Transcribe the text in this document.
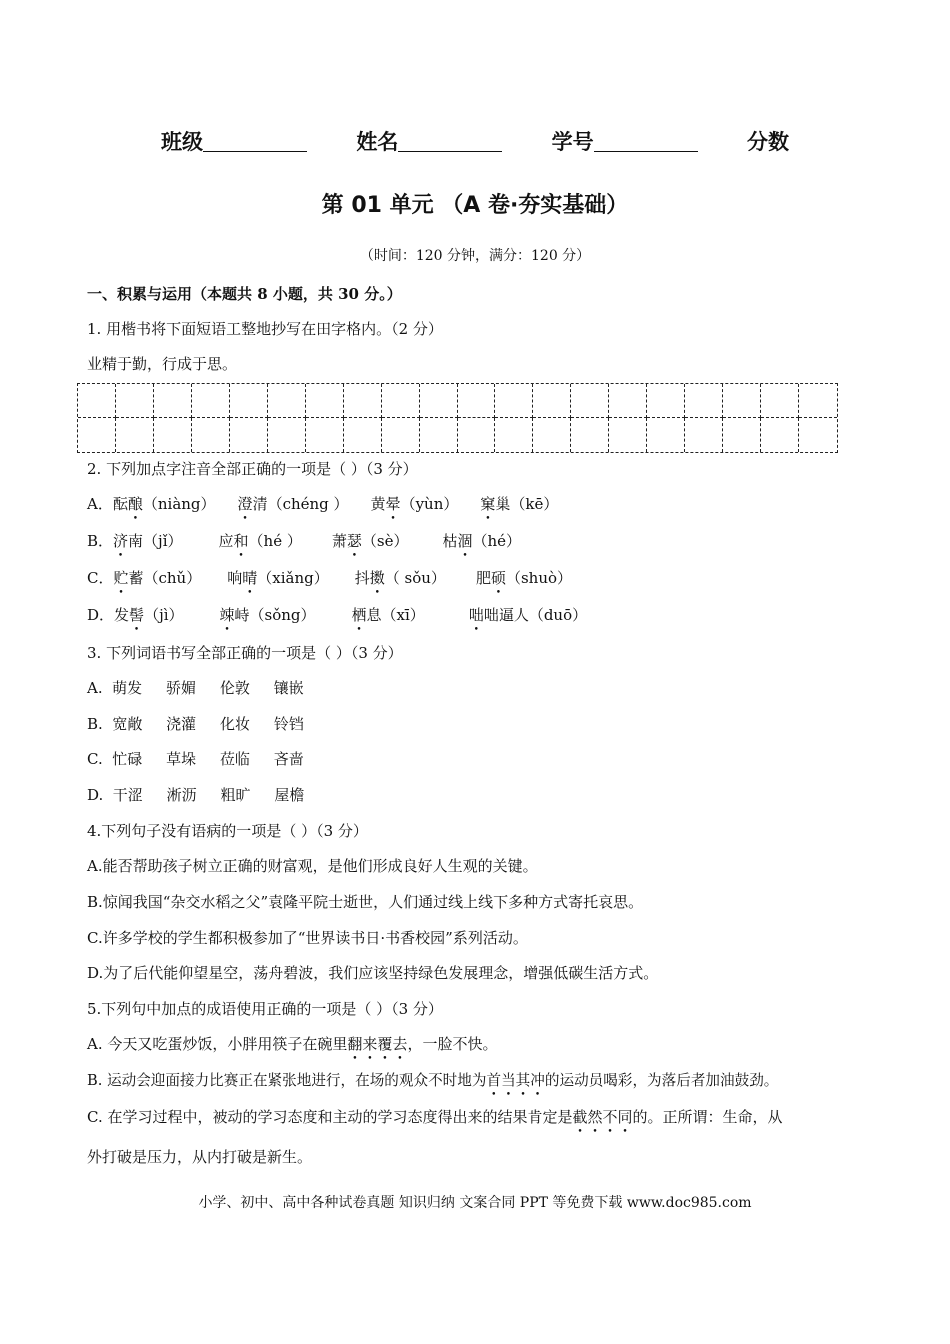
班级	姓名	学号	分数
第 01 单元 （A 卷·夯实基础）
（时间：120 分钟，满分：120 分）
一、积累与运用（本题共 8 小题，共 30 分。）
1. 用楷书将下面短语工整地抄写在田字格内。（2 分）
业精于勤，行成于思。
2. 下列加点字注音全部正确的一项是（ ）（3 分）
A．酝酿（niàng） 澄清（chéng ） 黄晕（yùn） 窠巢（kē）
B．济南（jǐ） 应和（hé ） 萧瑟（sè） 枯涸（hé）
C．贮蓄（chǔ） 响晴（xiǎng） 抖擞（ sǒu） 肥硕（shuò）
D．发髻（jì） 竦峙（sǒng） 栖息（xī）	咄咄逼人（duō）
3. 下列词语书写全部正确的一项是（ ）（3 分）
A.  萌发     骄媚     伦敦     镶嵌
B.  宽敞     浇灌     化妆     铃铛
C.  忙碌     草垛     莅临     吝啬
D.  干涩     淅沥     粗旷     屋檐
4.下列句子没有语病的一项是（ ）（3 分）
A.能否帮助孩子树立正确的财富观，是他们形成良好人生观的关键。
B.惊闻我国“杂交水稻之父”袁隆平院士逝世，人们通过线上线下多种方式寄托哀思。
C.许多学校的学生都积极参加了“世界读书日·书香校园”系列活动。
D.为了后代能仰望星空，荡舟碧波，我们应该坚持绿色发展理念，增强低碳生活方式。
5.下列句中加点的成语使用正确的一项是（ ）（3 分）
A. 今天又吃蛋炒饭，小胖用筷子在碗里翻来覆去，一脸不快。
B. 运动会迎面接力比赛正在紧张地进行，在场的观众不时地为首当其冲的运动员喝彩，为落后者加油鼓劲。
C. 在学习过程中，被动的学习态度和主动的学习态度得出来的结果肯定是截然不同的。正所谓：生命，从
外打破是压力，从内打破是新生。
小学、初中、高中各种试卷真题 知识归纳 文案合同 PPT 等免费下载 www.doc985.com
